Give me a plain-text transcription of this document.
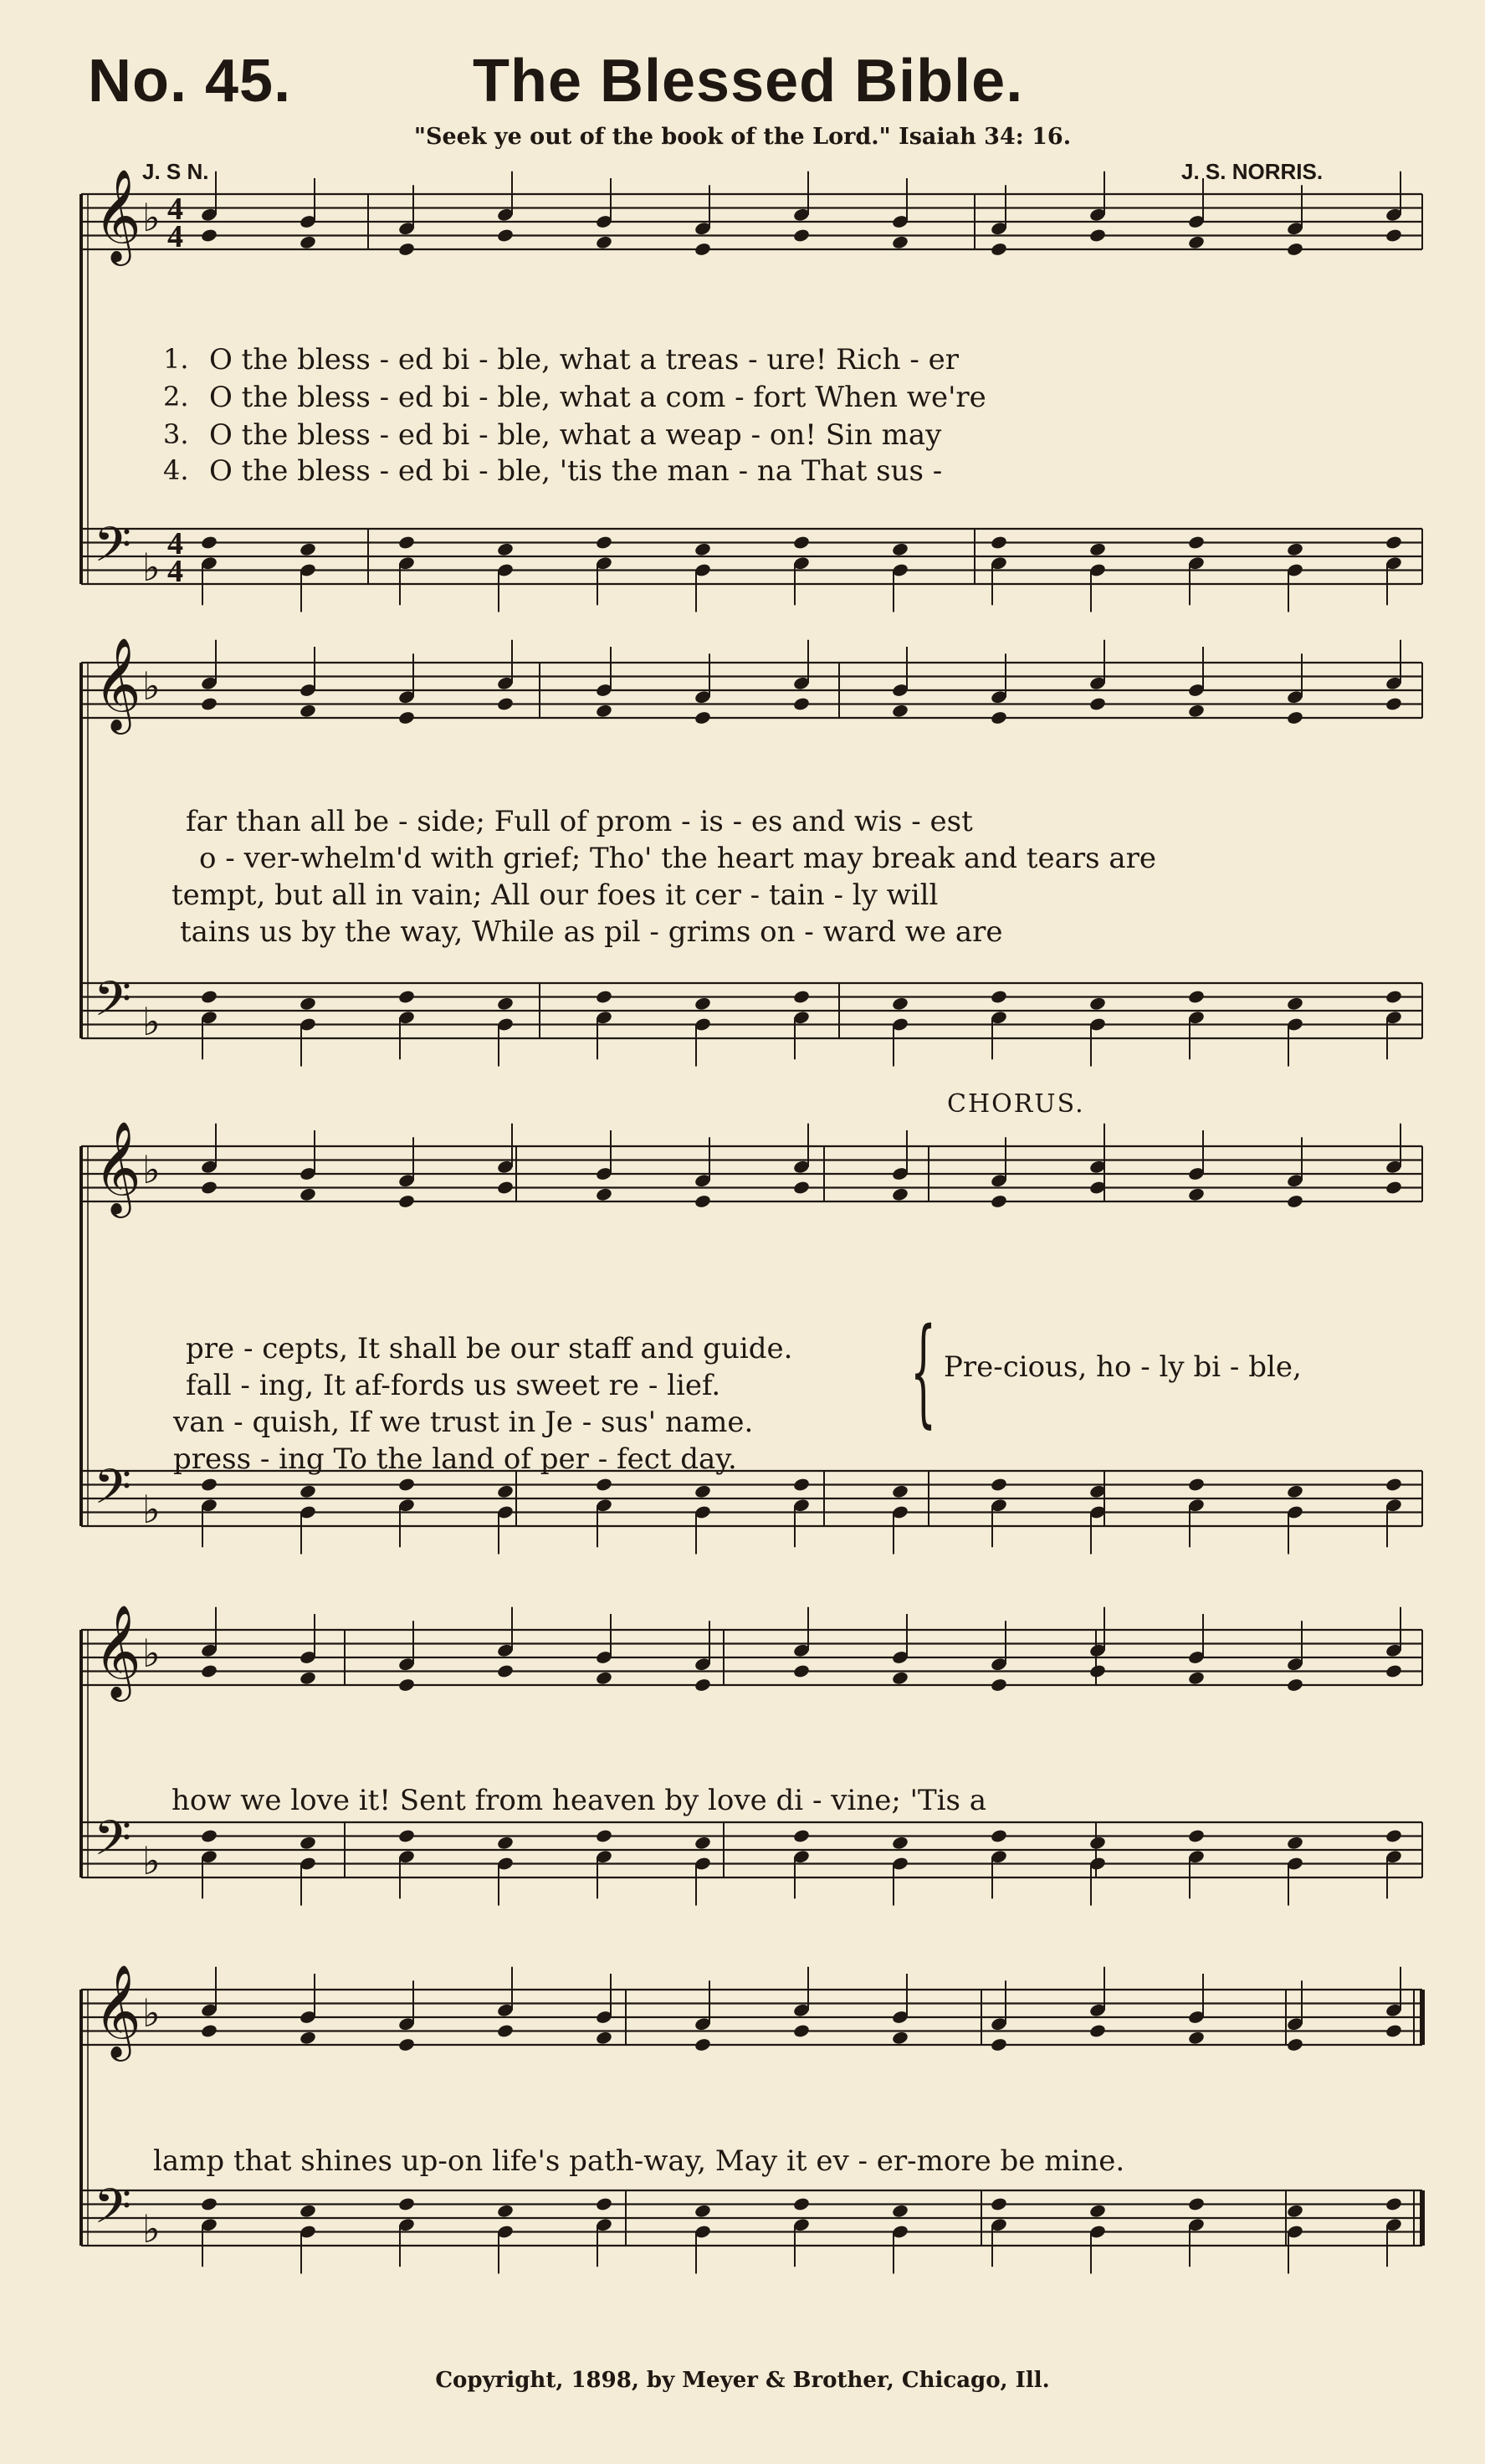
No. 45.	The Blessed Bible.
"Seek ye out of the book of the Lord." Isaiah 34: 16.
J. S N.	J. S. NORRIS.
𝄞
𝄢
♭
♭
4
4
4
4
𝄞
𝄢
♭
♭
𝄞
𝄢
♭
♭
𝄞
𝄢
♭
♭
𝄞
𝄢
♭
♭
1. O the bless - ed bi - ble, what a treas - ure! Rich - er
2. O the bless - ed bi - ble, what a com - fort When we're
3. O the bless - ed bi - ble, what a weap - on! Sin may
4. O the bless - ed bi - ble, 'tis the man - na That sus -
far than all be - side; Full of prom - is - es and wis - est
o - ver-whelm'd with grief; Tho' the heart may break and tears are
tempt, but all in vain; All our foes it cer - tain - ly will
tains us by the way, While as pil - grims on - ward we are
CHORUS.
pre - cepts, It shall be our staff and guide.
fall - ing, It af-fords us sweet re - lief.
van - quish, If we trust in Je - sus' name.
press - ing To the land of per - fect day.
{ Pre-cious, ho - ly bi - ble,
how we love it! Sent from heaven by love di - vine; 'Tis a
lamp that shines up-on life's path-way, May it ev - er-more be mine.
Copyright, 1898, by Meyer & Brother, Chicago, Ill.
